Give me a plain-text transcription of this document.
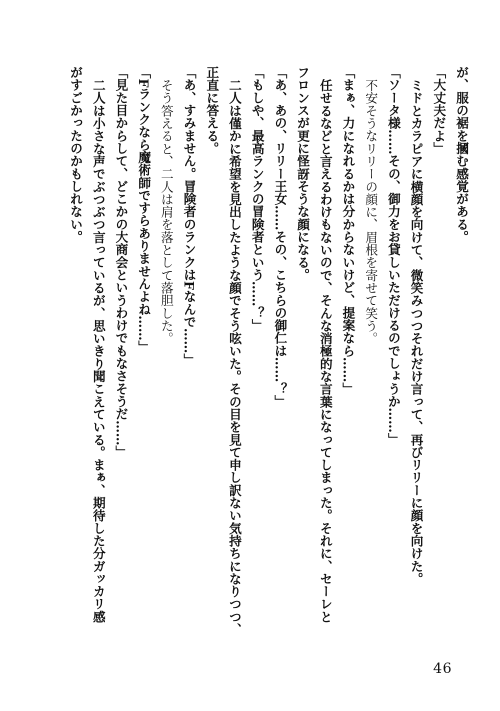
が、服の裾を摑む感覚がある。
「大丈夫だよ」
ミドとカラピアに横顔を向けて、微笑みつつそれだけ言って、再びリリーに顔を向けた。
「ソータ様……その、御力をお貸しいただけるのでしょうか……」
不安そうなリリーの顔に、眉根を寄せて笑う。
「まぁ、力になれるかは分からないけど、提案なら……」
任せるなどと言えるわけもないので、そんな消極的な言葉になってしまった。それに、セーレと
フロンスが更に怪訝そうな顔になる。
「あ、あの、リリー王女……その、こちらの御仁は……？」
「もしや、最高ランクの冒険者という……？」
二人は僅かに希望を見出したような顔でそう呟いた。その目を見て申し訳ない気持ちになりつつ、
正直に答える。
「あ、すみません。冒険者のランクはFなんで……」
そう答えると、二人は肩を落として落胆した。
「Fランクなら魔術師ですらありませんよね……」
「見た目からして、どこかの大商会というわけでもなさそうだ……」
二人は小さな声でぶつぶつ言っているが、思いきり聞こえている。まぁ、期待した分ガッカリ感
がすごかったのかもしれない。
46
